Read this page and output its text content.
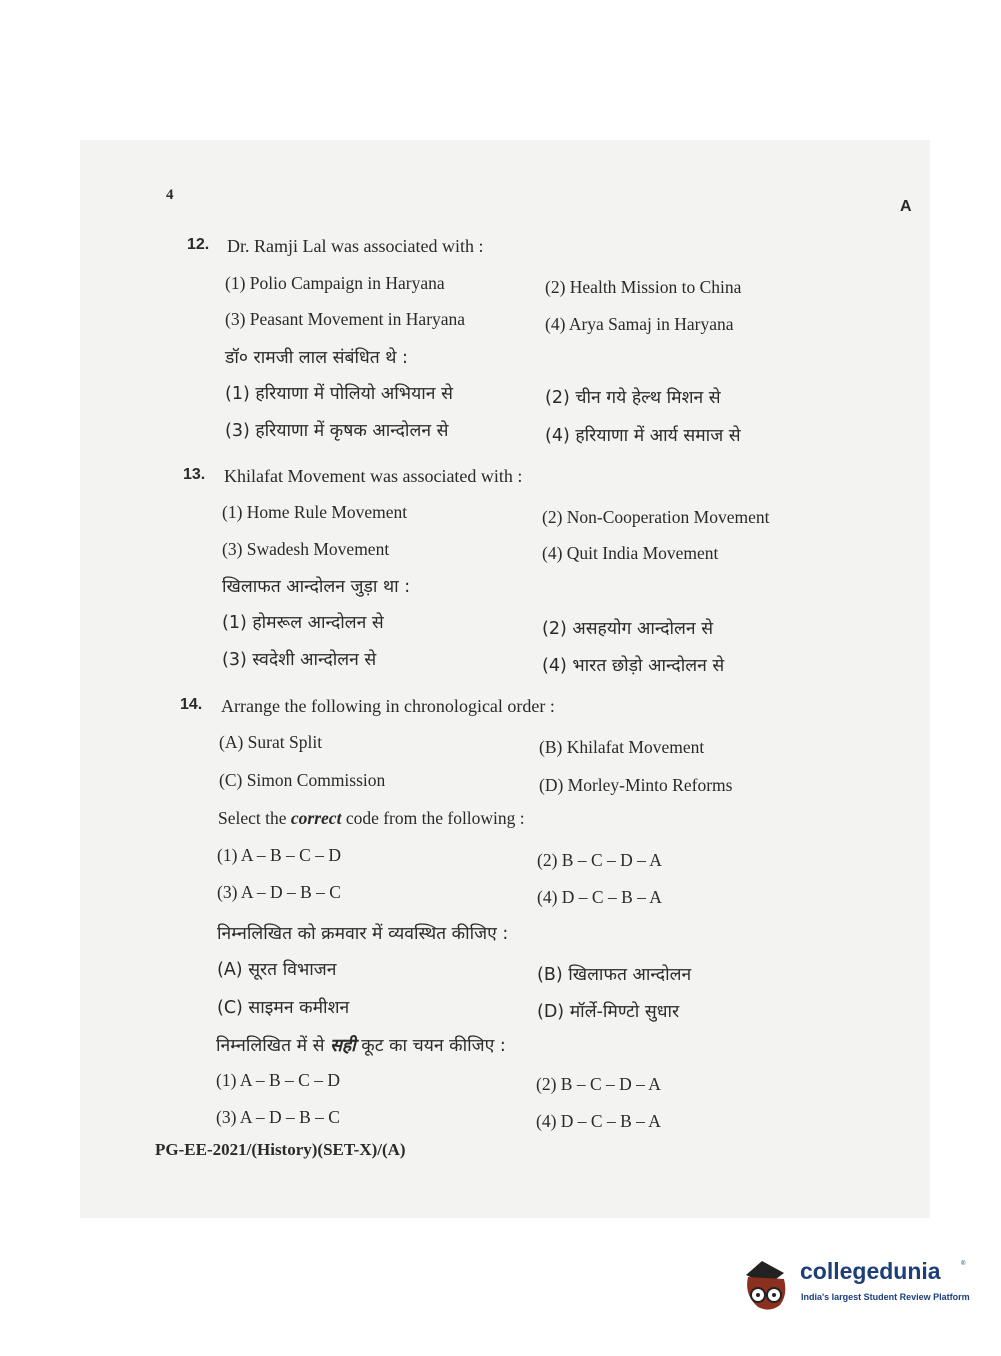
4
A
12. Dr. Ramji Lal was associated with :
(1) Polio Campaign in Haryana	(2) Health Mission to China
(3) Peasant Movement in Haryana	(4) Arya Samaj in Haryana
डॉ० रामजी लाल संबंधित थे :
(1) हरियाणा में पोलियो अभियान से	(2) चीन गये हेल्थ मिशन से
(3) हरियाणा में कृषक आन्दोलन से	(4) हरियाणा में आर्य समाज से
13. Khilafat Movement was associated with :
(1) Home Rule Movement	(2) Non-Cooperation Movement
(3) Swadesh Movement	(4) Quit India Movement
खिलाफत आन्दोलन जुड़ा था :
(1) होमरूल आन्दोलन से	(2) असहयोग आन्दोलन से
(3) स्वदेशी आन्दोलन से	(4) भारत छोड़ो आन्दोलन से
14. Arrange the following in chronological order :
(A) Surat Split	(B) Khilafat Movement
(C) Simon Commission	(D) Morley-Minto Reforms
Select the correct code from the following :
(1) A – B – C – D	(2) B – C – D – A
(3) A – D – B – C	(4) D – C – B – A
निम्नलिखित को क्रमवार में व्यवस्थित कीजिए :
(A) सूरत विभाजन	(B) खिलाफत आन्दोलन
(C) साइमन कमीशन	(D) मॉर्ले-मिण्टो सुधार
निम्नलिखित में से सही कूट का चयन कीजिए :
(1) A – B – C – D	(2) B – C – D – A
(3) A – D – B – C	(4) D – C – B – A
PG-EE-2021/(History)(SET-X)/(A)
collegedunia	®
India's largest Student Review Platform
